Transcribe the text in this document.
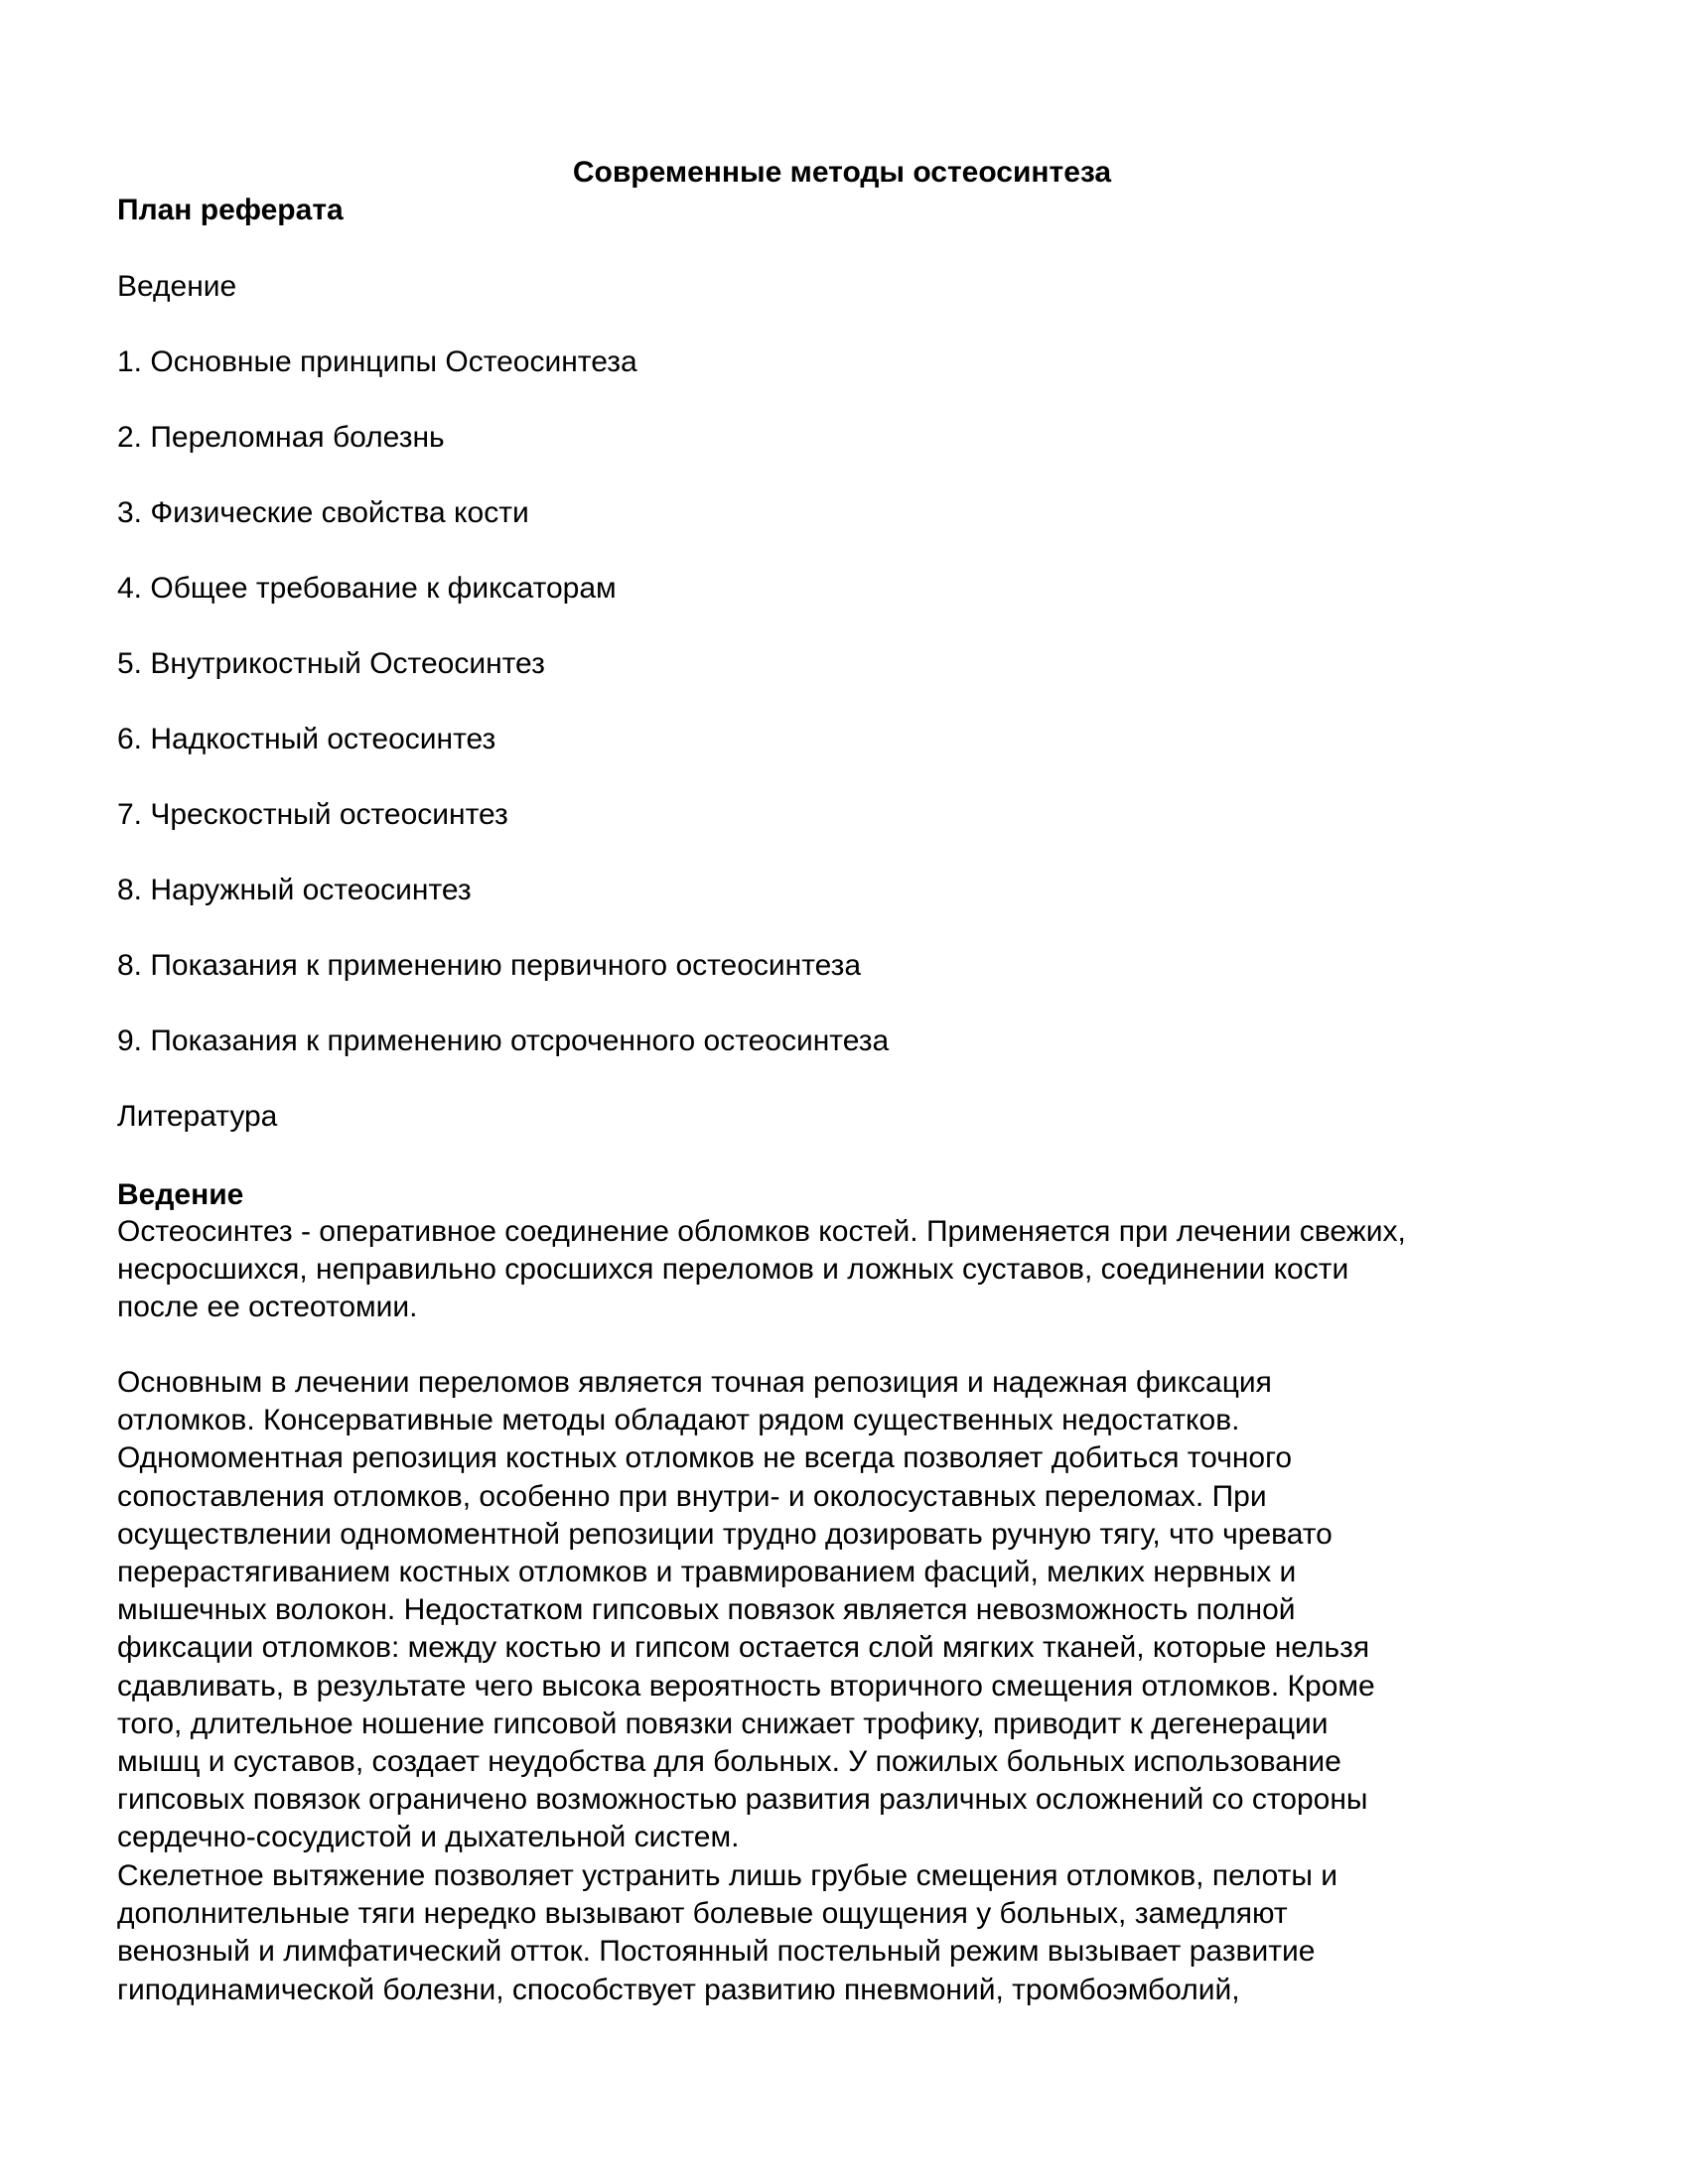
Современные методы остеосинтеза
План реферата

Ведение

1. Основные принципы Остеосинтеза

2. Переломная болезнь

3. Физические свойства кости

4. Общее требование к фиксаторам

5. Внутрикостный Остеосинтез

6. Надкостный остеосинтез

7. Чрескостный остеосинтез

8. Наружный остеосинтез

8. Показания к применению первичного остеосинтеза

9. Показания к применению отсроченного остеосинтеза

Литература

Ведение
Остеосинтез - оперативное соединение обломков костей. Применяется при лечении свежих,
несросшихся, неправильно сросшихся переломов и ложных суставов, соединении кости
после ее остеотомии.
Основным в лечении переломов является точная репозиция и надежная фиксация
отломков. Консервативные методы обладают рядом существенных недостатков.
Одномоментная репозиция костных отломков не всегда позволяет добиться точного
сопоставления отломков, особенно при внутри- и околосуставных переломах. При
осуществлении одномоментной репозиции трудно дозировать ручную тягу, что чревато
перерастягиванием костных отломков и травмированием фасций, мелких нервных и
мышечных волокон. Недостатком гипсовых повязок является невозможность полной
фиксации отломков: между костью и гипсом остается слой мягких тканей, которые нельзя
сдавливать, в результате чего высока вероятность вторичного смещения отломков. Кроме
того, длительное ношение гипсовой повязки снижает трофику, приводит к дегенерации
мышц и суставов, создает неудобства для больных. У пожилых больных использование
гипсовых повязок ограничено возможностью развития различных осложнений со стороны
сердечно-сосудистой и дыхательной систем.
Скелетное вытяжение позволяет устранить лишь грубые смещения отломков, пелоты и
дополнительные тяги нередко вызывают болевые ощущения у больных, замедляют
венозный и лимфатический отток. Постоянный постельный режим вызывает развитие
гиподинамической болезни, способствует развитию пневмоний, тромбоэмболий,
